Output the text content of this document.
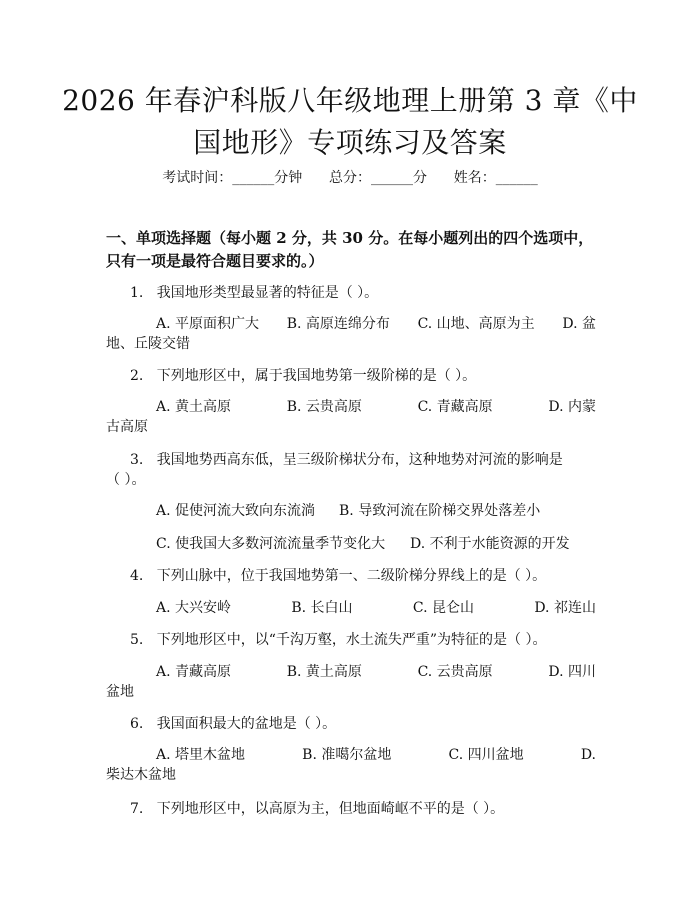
2026 年春沪科版八年级地理上册第 3 章《中国地形》专项练习及答案
考试时间：______分钟 总分：______分 姓名：______
一、单项选择题（每小题 2 分，共 30 分。在每小题列出的四个选项中，只有一项是最符合题目要求的。）
1. 我国地形类型最显著的特征是（ ）。
A. 平原面积广大 B. 高原连绵分布 C. 山地、高原为主 D. 盆
地、丘陵交错
2. 下列地形区中，属于我国地势第一级阶梯的是（ ）。
A. 黄土高原	B. 云贵高原	C. 青藏高原	D. 内蒙
古高原
3. 我国地势西高东低，呈三级阶梯状分布，这种地势对河流的影响是
（ ）。
A. 促使河流大致向东流淌	B. 导致河流在阶梯交界处落差小
C. 使我国大多数河流流量季节变化大	D. 不利于水能资源的开发
4. 下列山脉中，位于我国地势第一、二级阶梯分界线上的是（ ）。
A. 大兴安岭	B. 长白山	C. 昆仑山	D. 祁连山
5. 下列地形区中，以“千沟万壑，水土流失严重”为特征的是（ ）。
A. 青藏高原	B. 黄土高原	C. 云贵高原	D. 四川
盆地
6. 我国面积最大的盆地是（ ）。
A. 塔里木盆地	B. 准噶尔盆地	C. 四川盆地	D.
柴达木盆地
7. 下列地形区中，以高原为主，但地面崎岖不平的是（ ）。
